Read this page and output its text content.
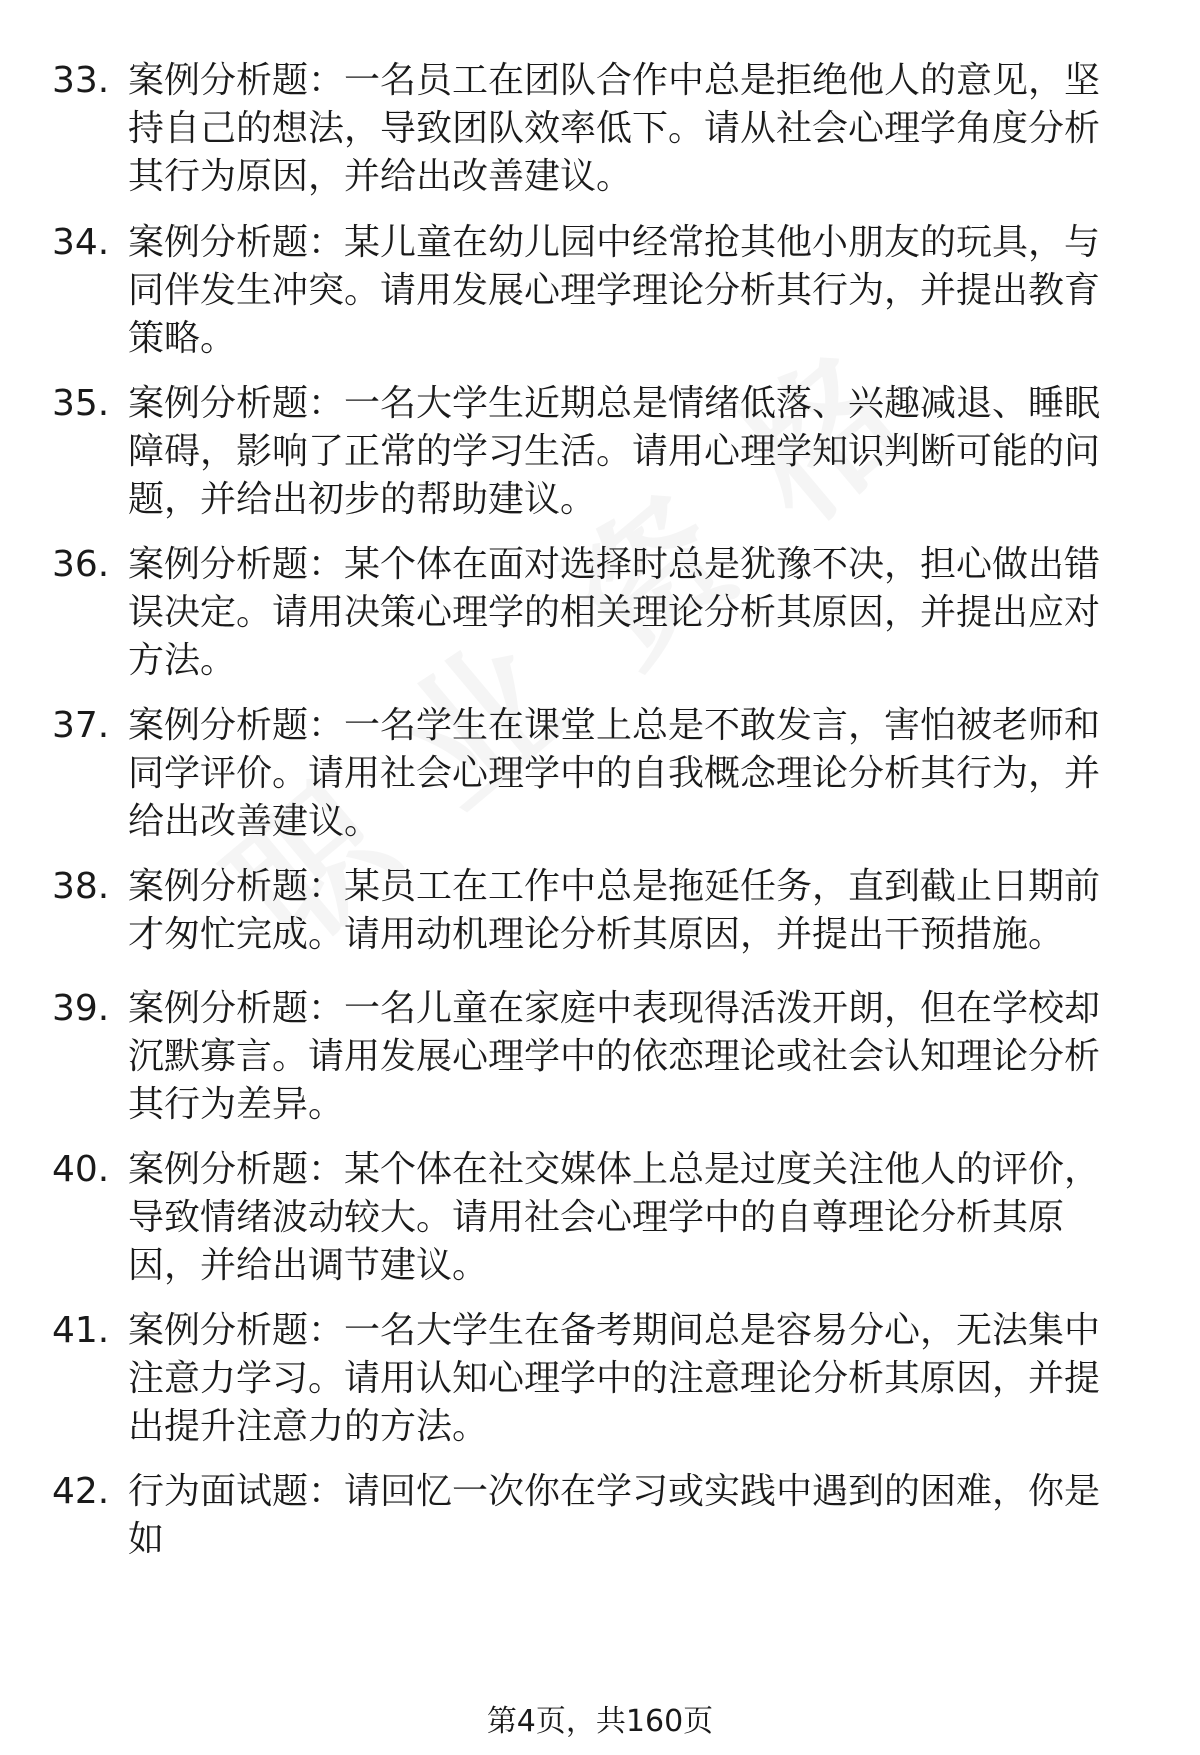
33. 案例分析题：一名员工在团队合作中总是拒绝他人的意见，坚持自己的想法，导致团队效率低下。请从社会心理学角度分析其行为原因，并给出改善建议。
34. 案例分析题：某儿童在幼儿园中经常抢其他小朋友的玩具，与同伴发生冲突。请用发展心理学理论分析其行为，并提出教育策略。
35. 案例分析题：一名大学生近期总是情绪低落、兴趣减退、睡眠障碍，影响了正常的学习生活。请用心理学知识判断可能的问题，并给出初步的帮助建议。
36. 案例分析题：某个体在面对选择时总是犹豫不决，担心做出错误决定。请用决策心理学的相关理论分析其原因，并提出应对方法。
37. 案例分析题：一名学生在课堂上总是不敢发言，害怕被老师和同学评价。请用社会心理学中的自我概念理论分析其行为，并给出改善建议。
38. 案例分析题：某员工在工作中总是拖延任务，直到截止日期前才匆忙完成。请用动机理论分析其原因，并提出干预措施。
39. 案例分析题：一名儿童在家庭中表现得活泼开朗，但在学校却沉默寡言。请用发展心理学中的依恋理论或社会认知理论分析其行为差异。
40. 案例分析题：某个体在社交媒体上总是过度关注他人的评价，导致情绪波动较大。请用社会心理学中的自尊理论分析其原因，并给出调节建议。
41. 案例分析题：一名大学生在备考期间总是容易分心，无法集中注意力学习。请用认知心理学中的注意理论分析其原因，并提出提升注意力的方法。
42. 行为面试题：请回忆一次你在学习或实践中遇到的困难，你是如
第4页，共160页
